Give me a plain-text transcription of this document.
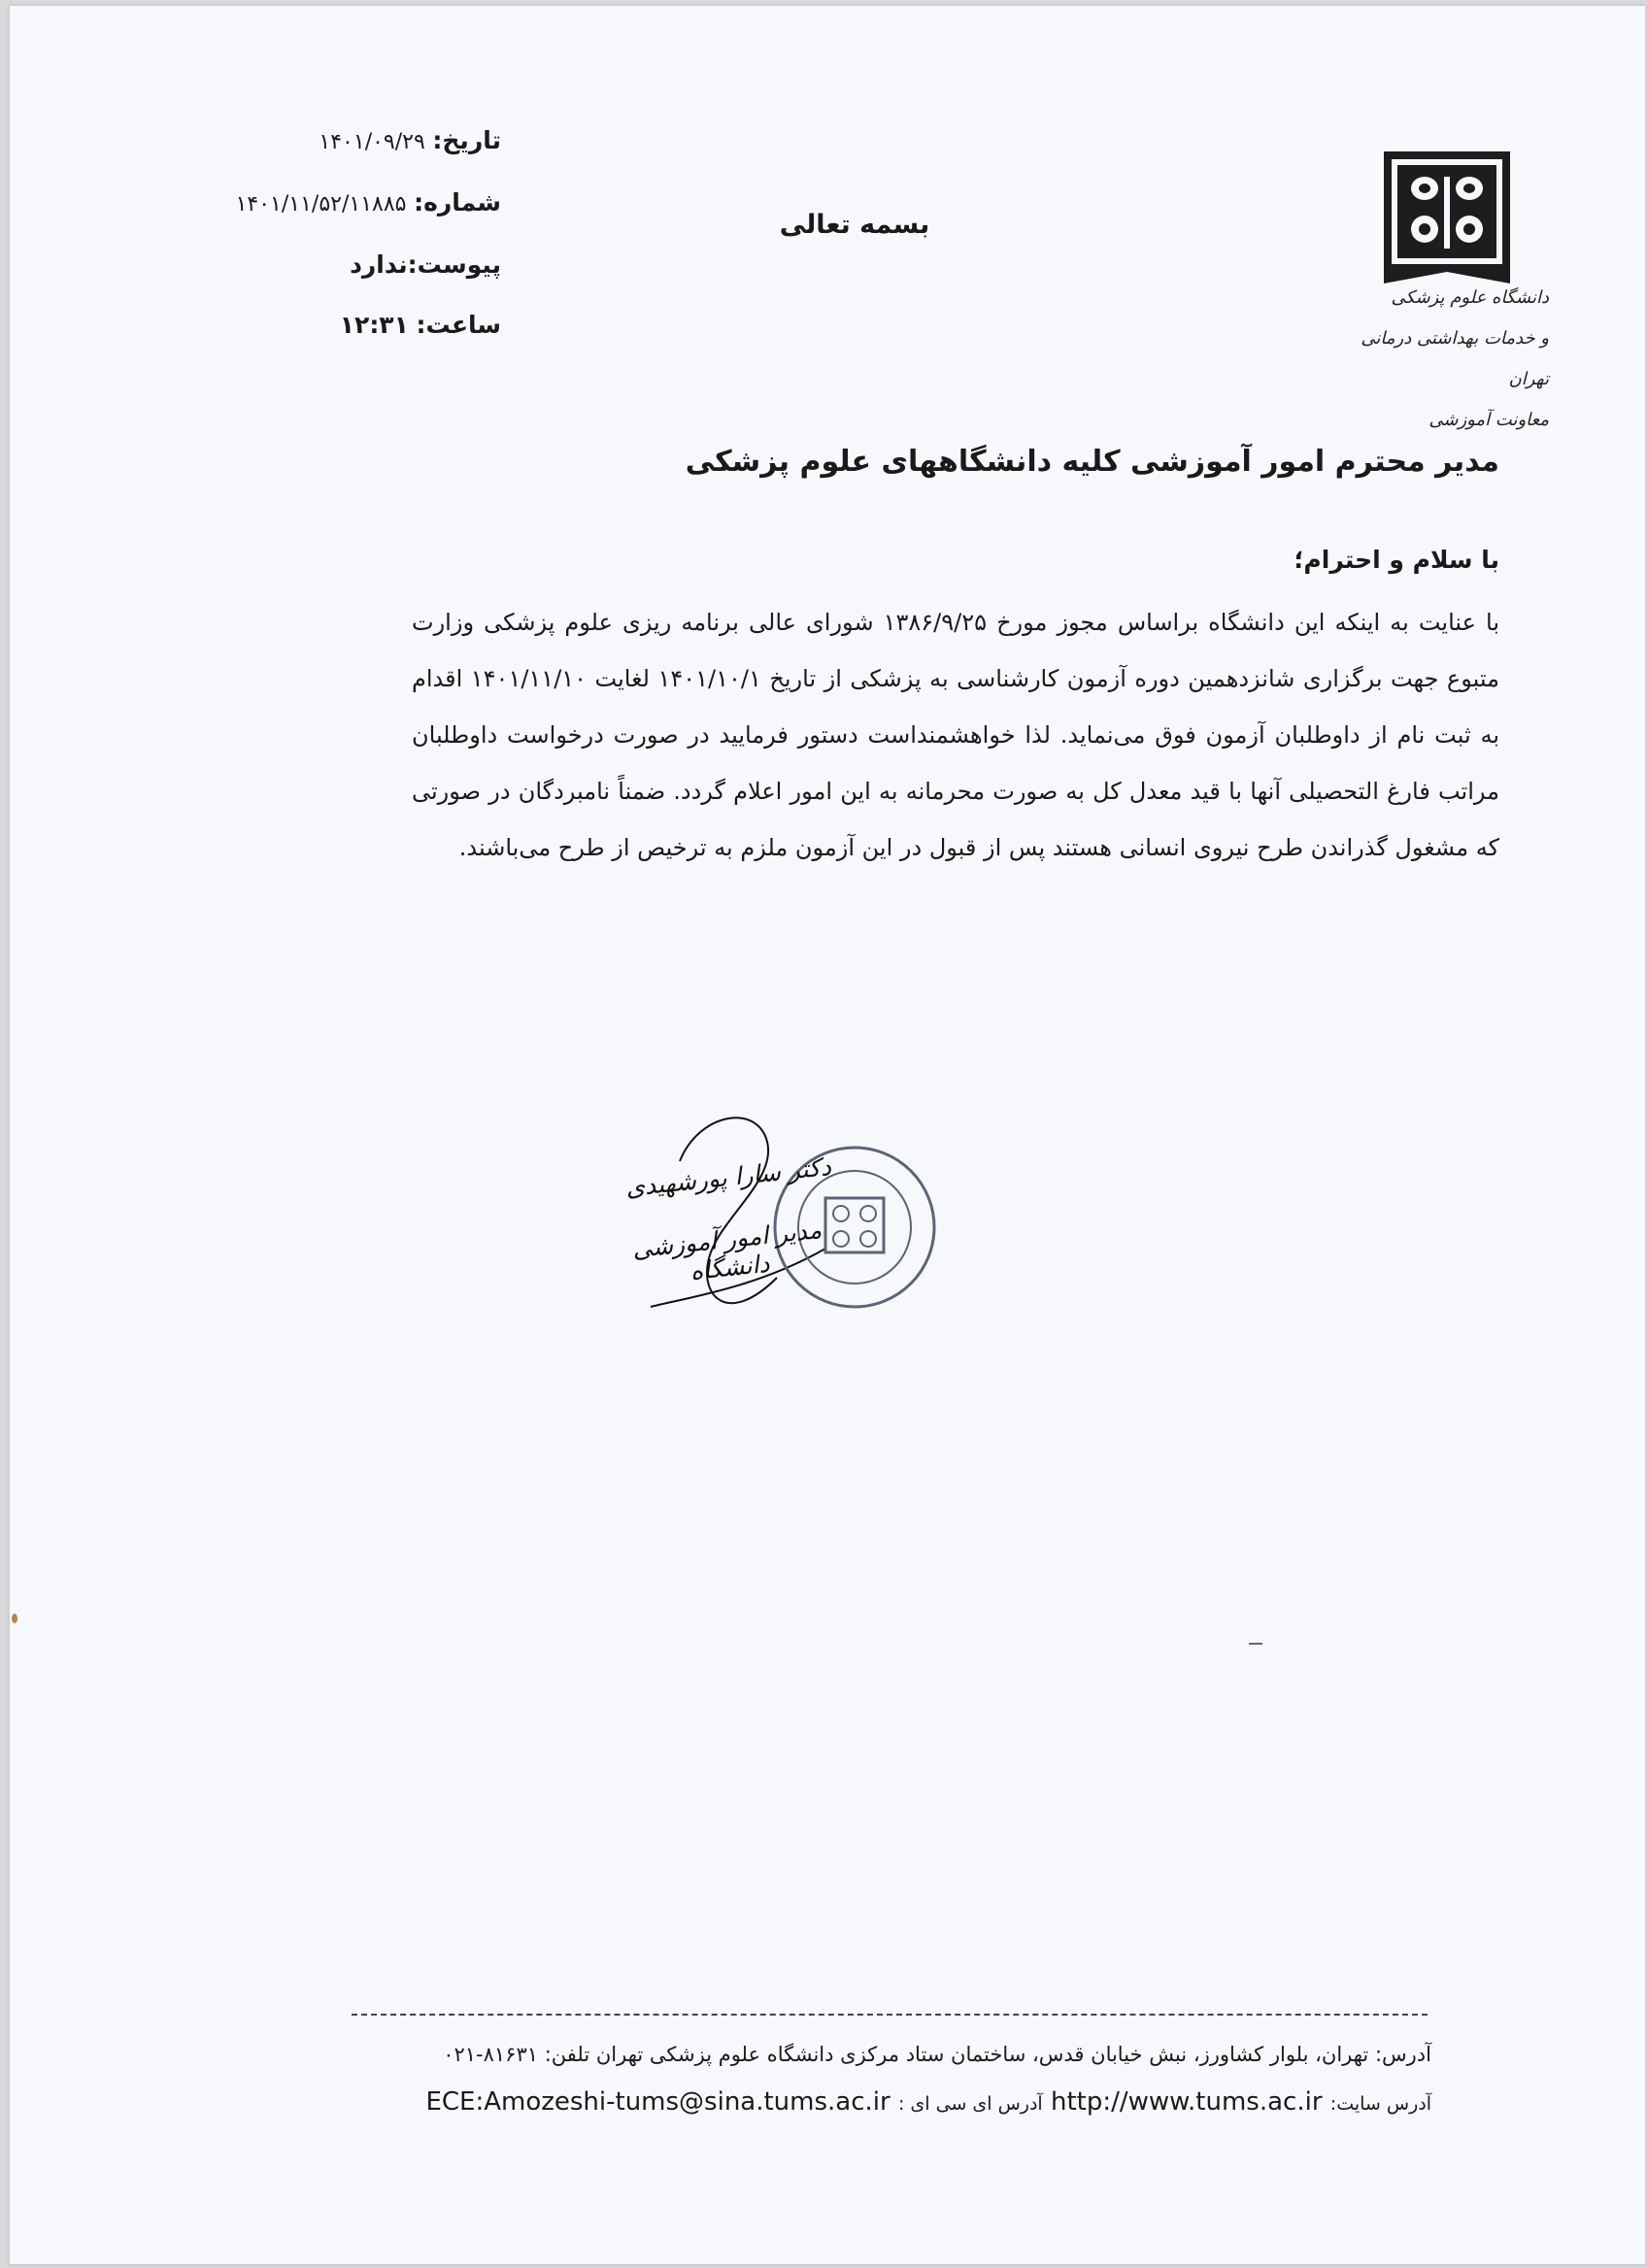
تاریخ: ۱۴۰۱/۰۹/۲۹
شماره: ۱۴۰۱/۱۱/۵۲/۱۱۸۸۵
پیوست:ندارد
ساعت: ۱۲:۳۱
بسمه تعالی
دانشگاه علوم پزشکی
و خدمات بهداشتی درمانی تهران
معاونت آموزشی
مدیر محترم امور آموزشی کلیه دانشگاههای علوم پزشکی
با سلام و احترام؛
با عنایت به اینکه این دانشگاه براساس مجوز مورخ ۱۳۸۶/۹/۲۵ شورای عالی برنامه ریزی علوم پزشکی وزارت متبوع جهت برگزاری شانزدهمین دوره آزمون کارشناسی به پزشکی از تاریخ ۱۴۰۱/۱۰/۱ لغایت ۱۴۰۱/۱۱/۱۰ اقدام به ثبت نام از داوطلبان آزمون فوق می‌نماید. لذا خواهشمنداست دستور فرمایید در صورت درخواست داوطلبان مراتب فارغ التحصیلی آنها با قید معدل کل به صورت محرمانه به این امور اعلام گردد. ضمناً نامبردگان در صورتی که مشغول گذراندن طرح نیروی انسانی هستند پس از قبول در این آزمون ملزم به ترخیص از طرح می‌باشند.
دکتر سارا پورشهیدی
مدیر امور آموزشی دانشگاه
آدرس: تهران، بلوار کشاورز، نبش خیابان قدس، ساختمان ستاد مرکزی دانشگاه علوم پزشکی تهران تلفن: ۸۱۶۳۱-۰۲۱
آدرس سایت: http://www.tums.ac.ir آدرس ای سی ای : ECE:Amozeshi-tums@sina.tums.ac.ir
